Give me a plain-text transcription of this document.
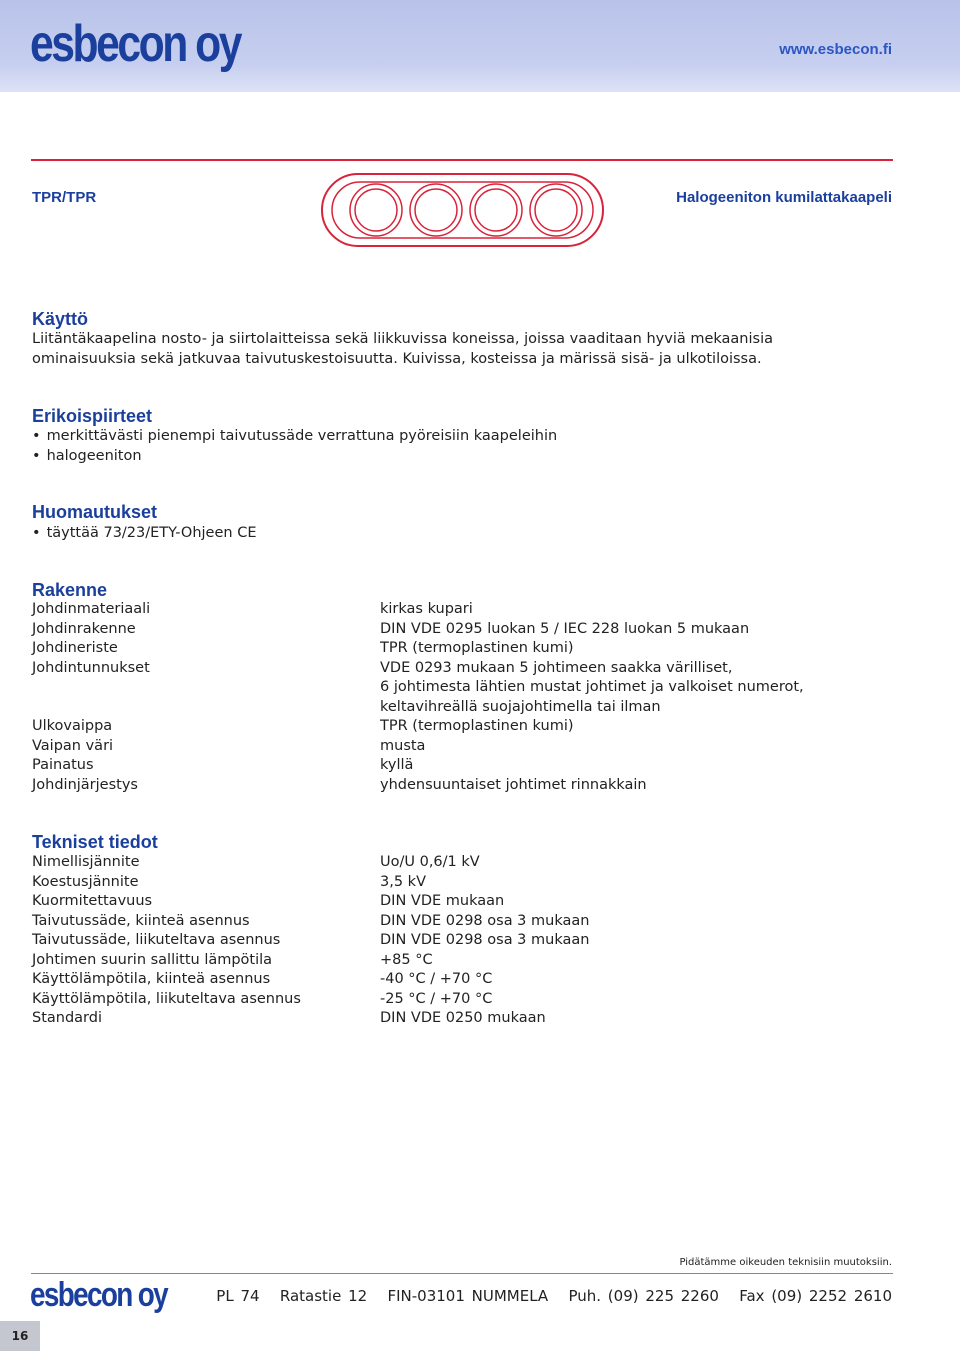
esbecon oy	www.esbecon.fi
TPR/TPR	Halogeeniton kumilattakaapeli
Käyttö

Liitäntäkaapelina nosto- ja siirtolaitteissa sekä liikkuvissa koneissa, joissa vaaditaan hyviä mekaanisia ominaisuuksia sekä jatkuvaa taivutuskestoisuutta. Kuivissa, kosteissa ja märissä sisä- ja ulkotiloissa.

Erikoispiirteet
• merkittävästi pienempi taivutussäde verrattuna pyöreisiin kaapeleihin
• halogeeniton
Huomautukset
• täyttää 73/23/ETY-Ohjeen CE
Rakenne
Johdinmateriaali	kirkas kupari
Johdinrakenne	DIN VDE 0295 luokan 5 / IEC 228 luokan 5 mukaan
Johdineriste	TPR (termoplastinen kumi)
Johdintunnukset	VDE 0293 mukaan 5 johtimeen saakka värilliset,
6 johtimesta lähtien mustat johtimet ja valkoiset numerot,
keltavihreällä suojajohtimella tai ilman
Ulkovaippa	TPR (termoplastinen kumi)
Vaipan väri	musta
Painatus	kyllä
Johdinjärjestys	yhdensuuntaiset johtimet rinnakkain
Tekniset tiedot
Nimellisjännite	Uo/U 0,6/1 kV
Koestusjännite	3,5 kV
Kuormitettavuus	DIN VDE mukaan
Taivutussäde, kiinteä asennus	DIN VDE 0298 osa 3 mukaan
Taivutussäde, liikuteltava asennus	DIN VDE 0298 osa 3 mukaan
Johtimen suurin sallittu lämpötila	+85 °C
Käyttölämpötila, kiinteä asennus	-40 °C / +70 °C
Käyttölämpötila, liikuteltava asennus	-25 °C / +70 °C
Standardi	DIN VDE 0250 mukaan
Pidätämme oikeuden teknisiin muutoksiin.
esbecon oy	PL 74   Ratastie 12   FIN-03101 NUMMELA   Puh. (09) 225 2260   Fax (09) 2252 2610
16
